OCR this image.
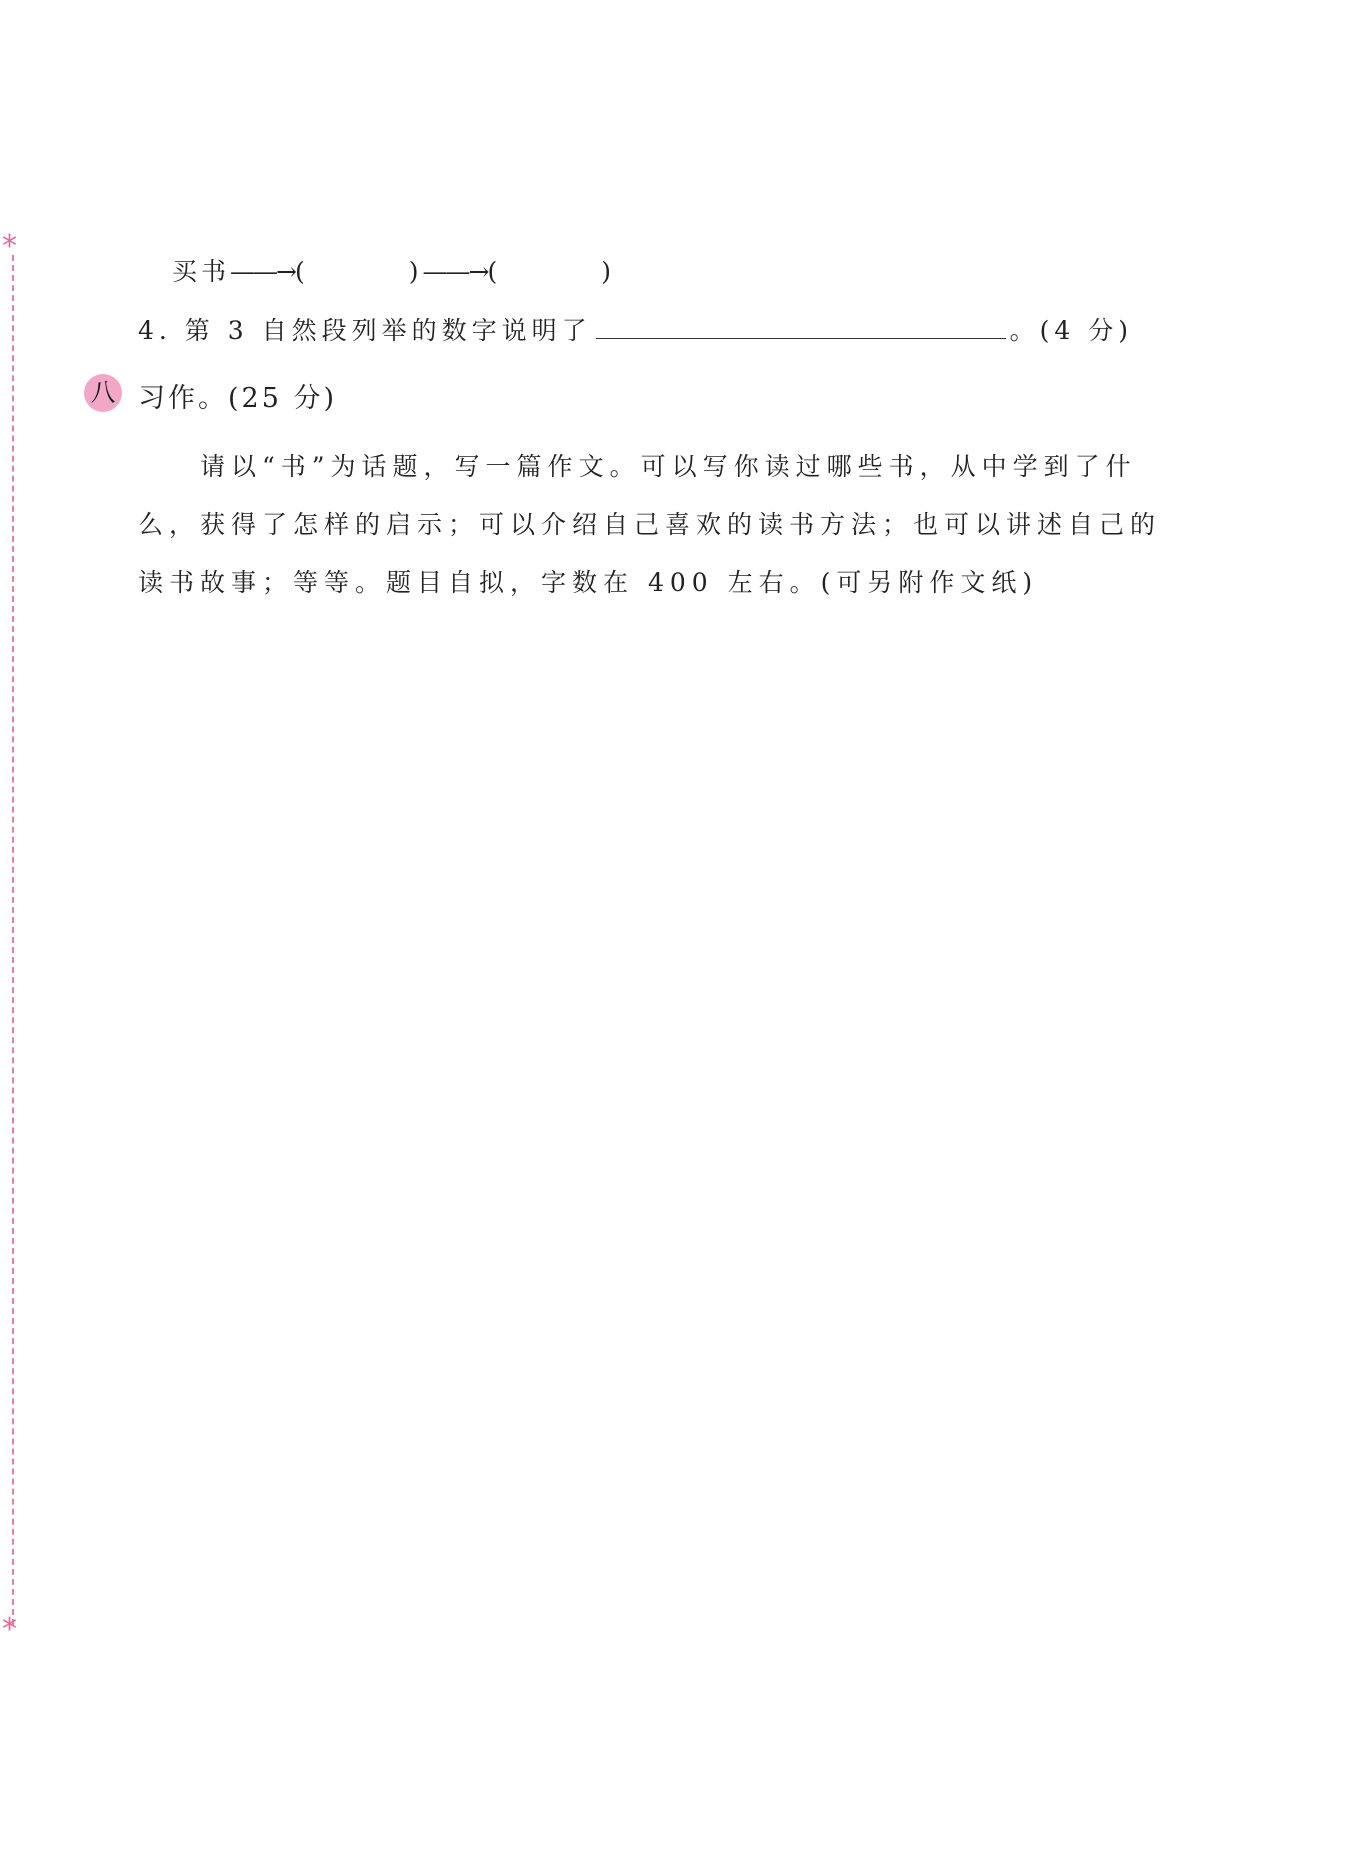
*
*
买书——→(	)——→(	)
4. 第 3 自然段列举的数字说明了	。(4 分)
八 习作。(25 分)

请以“书”为话题，写一篇作文。可以写你读过哪些书，从中学到了什

么，获得了怎样的启示；可以介绍自己喜欢的读书方法；也可以讲述自己的

读书故事；等等。题目自拟，字数在 400 左右。(可另附作文纸)
